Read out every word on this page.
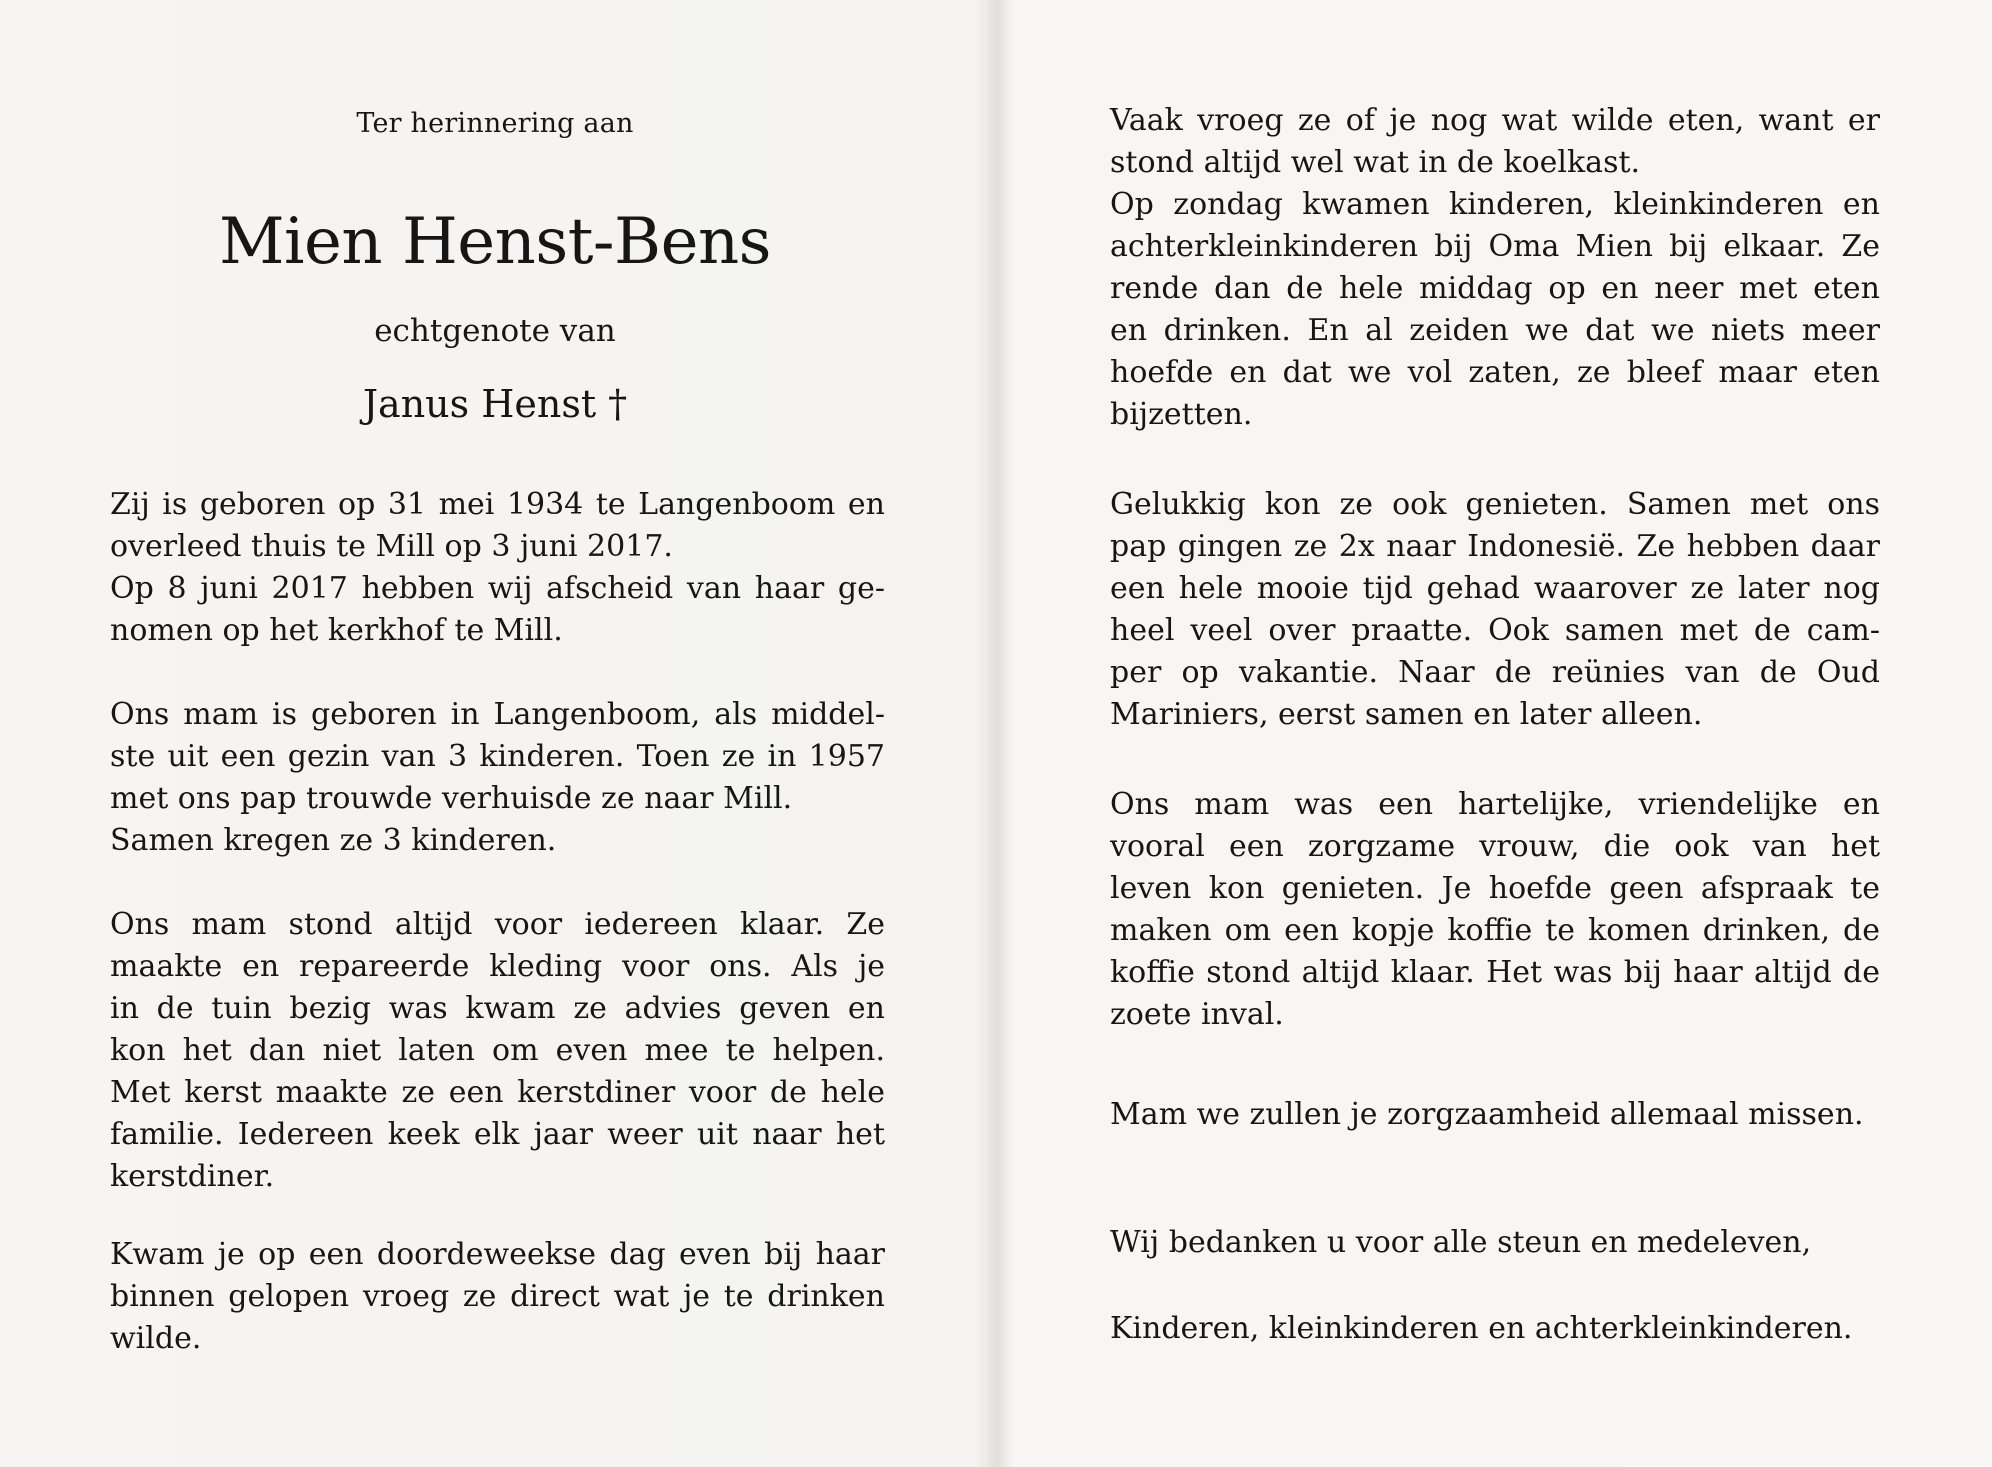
Ter herinnering aan
Mien Henst-Bens
echtgenote van
Janus Henst †

Zij is geboren op 31 mei 1934 te Langenboom en
overleed thuis te Mill op 3 juni 2017.
Op 8 juni 2017 hebben wij afscheid van haar ge-
nomen op het kerkhof te Mill.

Ons mam is geboren in Langenboom, als middel-
ste uit een gezin van 3 kinderen. Toen ze in 1957
met ons pap trouwde verhuisde ze naar Mill.
Samen kregen ze 3 kinderen.

Ons mam stond altijd voor iedereen klaar. Ze
maakte en repareerde kleding voor ons. Als je
in de tuin bezig was kwam ze advies geven en
kon het dan niet laten om even mee te helpen.
Met kerst maakte ze een kerstdiner voor de hele
familie. Iedereen keek elk jaar weer uit naar het
kerstdiner.

Kwam je op een doordeweekse dag even bij haar
binnen gelopen vroeg ze direct wat je te drinken
wilde.

Vaak vroeg ze of je nog wat wilde eten, want er
stond altijd wel wat in de koelkast.
Op zondag kwamen kinderen, kleinkinderen en
achterkleinkinderen bij Oma Mien bij elkaar. Ze
rende dan de hele middag op en neer met eten
en drinken. En al zeiden we dat we niets meer
hoefde en dat we vol zaten, ze bleef maar eten
bijzetten.

Gelukkig kon ze ook genieten. Samen met ons
pap gingen ze 2x naar Indonesië. Ze hebben daar
een hele mooie tijd gehad waarover ze later nog
heel veel over praatte. Ook samen met de cam-
per op vakantie. Naar de reünies van de Oud
Mariniers, eerst samen en later alleen.

Ons mam was een hartelijke, vriendelijke en
vooral een zorgzame vrouw, die ook van het
leven kon genieten. Je hoefde geen afspraak te
maken om een kopje koffie te komen drinken, de
koffie stond altijd klaar. Het was bij haar altijd de
zoete inval.

Mam we zullen je zorgzaamheid allemaal missen.

Wij bedanken u voor alle steun en medeleven,

Kinderen, kleinkinderen en achterkleinkinderen.
